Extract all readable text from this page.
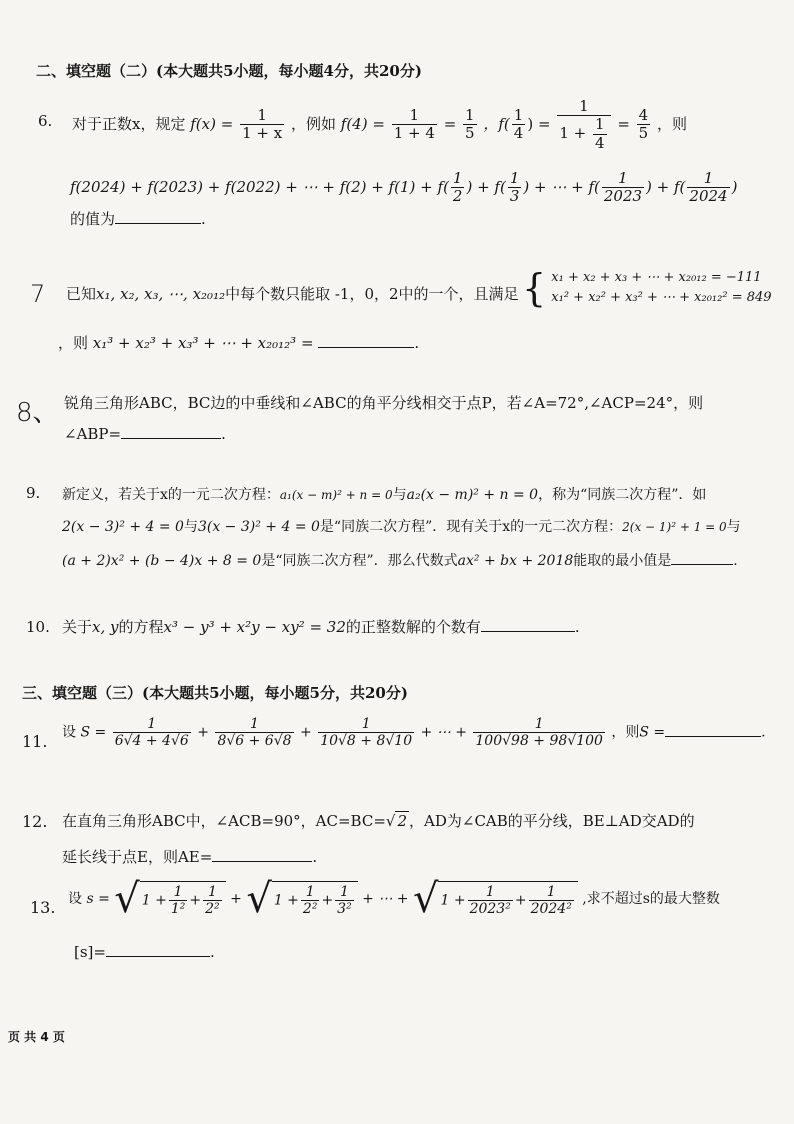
二、填空题（二）(本大题共5小题，每小题4分，共20分)
6. 对于正数x，规定 $f(x) = \frac{1}{1 + x}$ ，例如 $f(4) = \frac{1}{1 + 4} = \frac{1}{5}$ ，$f( \frac{1}{4}$ ) = $\frac{1}{1 + \frac{1}{4}} = \frac{4}{5}$ ，则
f(2024) + f(2023) + f(2022) + ⋯ + $f(2) + f(1) + f( \frac{1}{2}$ ) + $f( \frac{1}{3}$ ) + ⋯ + $f( \frac{1}{2023}$ ) + $f( \frac{1}{2024}$ )
的值为	.
7 已知x₁, x₂, x₃, ⋯, x₂₀₁₂中每个数只能取 -1，0，2中的一个，且满足 { x₁ + x₂ + x₃ + ⋯ + x₂₀₁₂ = −111
x₁² + x₂² + x₃² + ⋯ + x₂₀₁₂² = 849
，则 x₁³ + x₂³ + x₃³ + ⋯ + x₂₀₁₂³ =	.
8、 锐角三角形ABC，BC边的中垂线和∠ABC的角平分线相交于点P，若∠A=72°,∠ACP=24°，则
∠ABP=	.
9. 新定义，若关于x的一元二次方程：a₁(x − m)² + n = 0与a₂(x − m)² + n = 0，称为“同族二次方程”．如
2(x − 3)² + 4 = 0与3(x − 3)² + 4 = 0是“同族二次方程”．现有关于x的一元二次方程：2(x − 1)² + 1 = 0与
(a + 2)x² + (b − 4)x + 8 = 0是“同族二次方程”．那么代数式ax² + bx + 2018能取的最小值是	.
10. 关于x, y的方程x³ − y³ + x²y − xy² = 32的正整数解的个数有	.
三、填空题（三）(本大题共5小题，每小题5分，共20分)
11. 设 $S = \frac{1}{6√4 + 4√6} + \frac{1}{8√6 + 6√8} + \frac{1}{10√8 + 8√10}$ + ⋯ + $\frac{1}{100√98 + 98√100}$ ，则S =	.
12. 在直角三角形ABC中，∠ACB=90°，AC=BC=√ 2 ，AD为∠CAB的平分线，BE⊥AD交AD的
延长线于点E，则AE=	.
13. 设 s = √ $1 + \frac{1}{\text{1²}} + \frac{1}{\text{2²}}$ + √ $1 + \frac{1}{\text{2²}} + \frac{1}{\text{3²}}$ + ⋯ + √ $1 + \frac{1}{\text{2023²}} + \frac{1}{\text{2024²}}$ ,求不超过s的最大整数
[s]=	.
页 共 4 页
